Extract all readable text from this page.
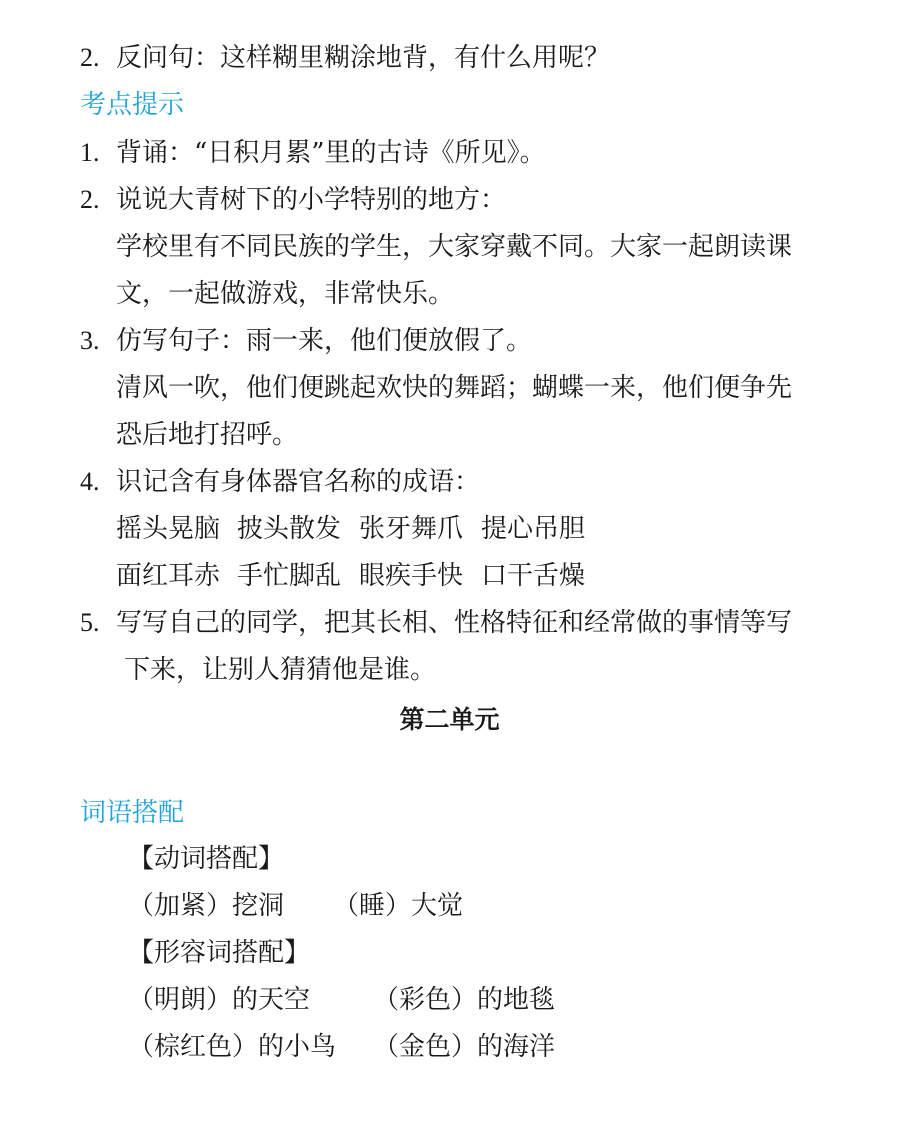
2. 反问句：这样糊里糊涂地背，有什么用呢？
考点提示
1. 背诵：“日积月累”里的古诗《所见》。
2. 说说大青树下的小学特别的地方：
学校里有不同民族的学生，大家穿戴不同。大家一起朗读课
文，一起做游戏，非常快乐。
3. 仿写句子：雨一来，他们便放假了。
清风一吹，他们便跳起欢快的舞蹈；蝴蝶一来，他们便争先
恐后地打招呼。
4. 识记含有身体器官名称的成语：
摇头晃脑 披头散发 张牙舞爪 提心吊胆
面红耳赤 手忙脚乱 眼疾手快 口干舌燥
5. 写写自己的同学，把其长相、性格特征和经常做的事情等写
下来，让别人猜猜他是谁。
第二单元
词语搭配
【动词搭配】
（加紧）挖洞 （睡）大觉
【形容词搭配】
（明朗）的天空 （彩色）的地毯
（棕红色）的小鸟 （金色）的海洋
